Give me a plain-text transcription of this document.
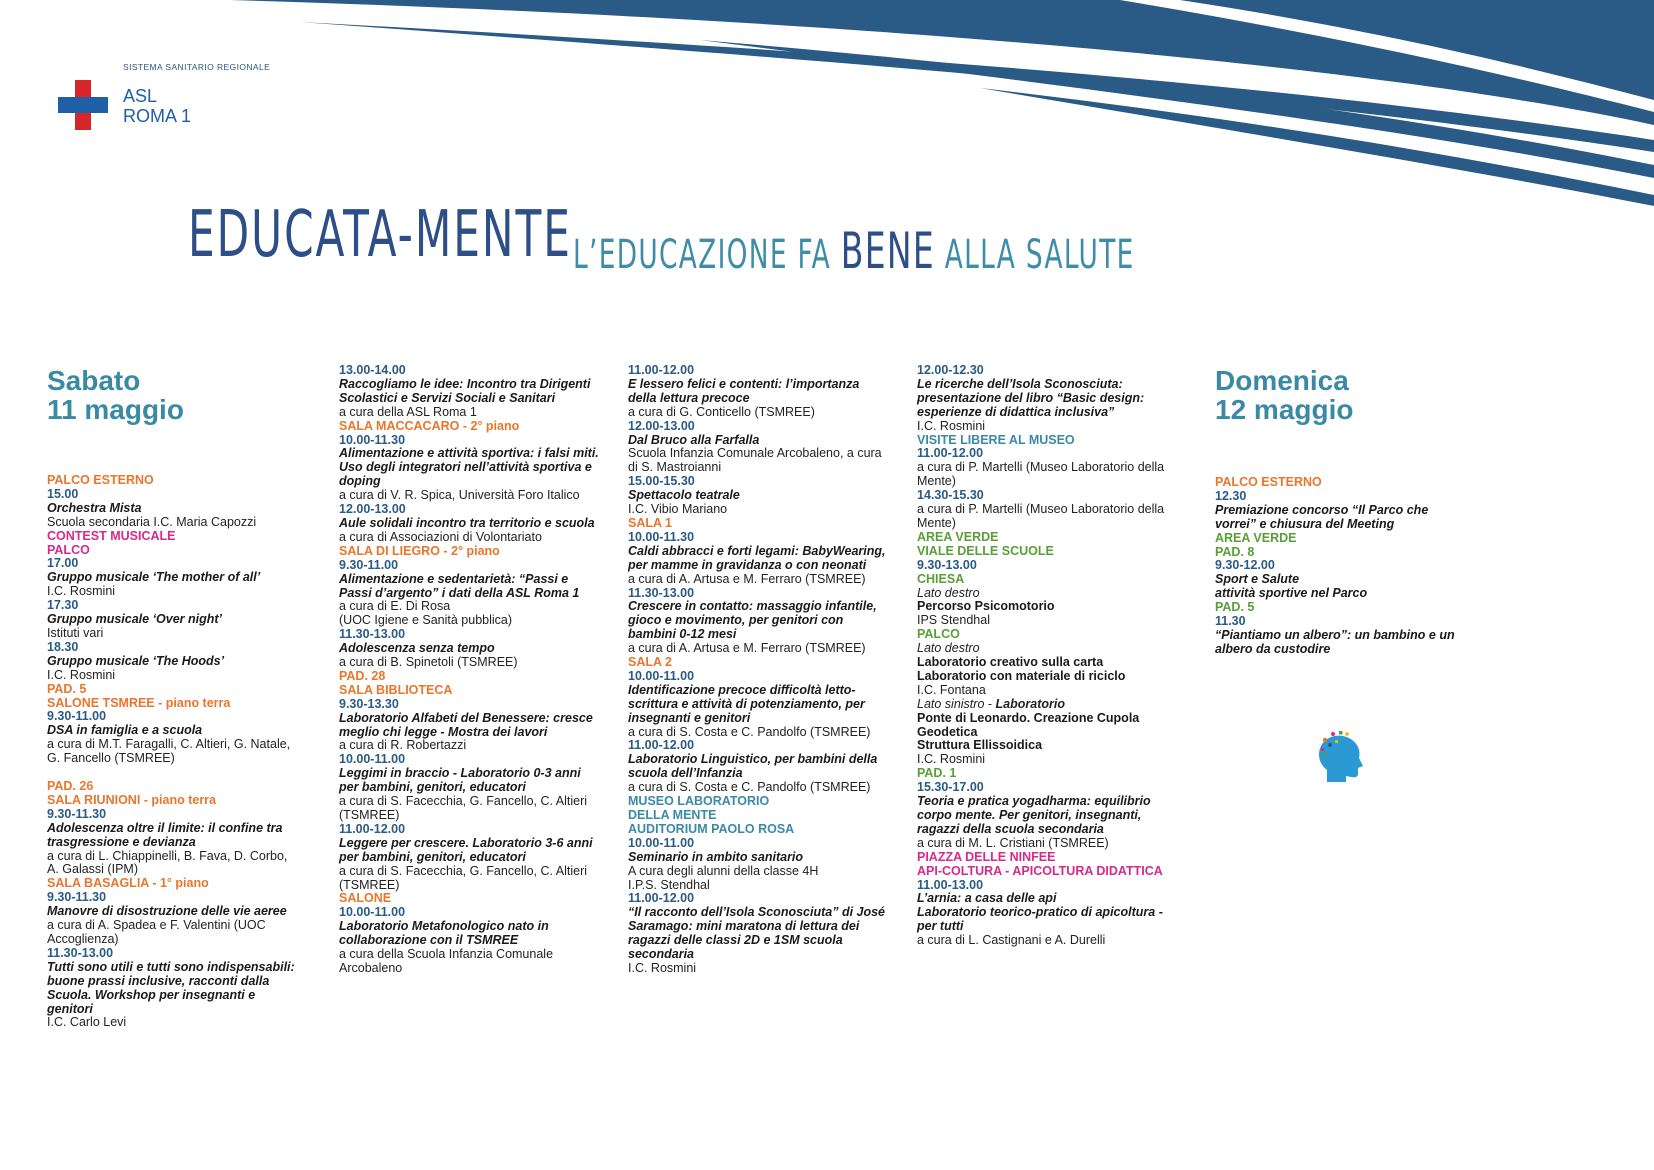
SISTEMA SANITARIO REGIONALE
ASL
ROMA 1
EDUCATA-MENTE L’EDUCAZIONE FA BENE ALLA SALUTE
Sabato
11 maggio
Domenica
12 maggio
PALCO ESTERNO
15.00
Orchestra Mista
Scuola secondaria I.C. Maria Capozzi
CONTEST MUSICALE
PALCO
17.00
Gruppo musicale ‘The mother of all’
I.C. Rosmini
17.30
Gruppo musicale ‘Over night’
Istituti vari
18.30
Gruppo musicale ‘The Hoods’
I.C. Rosmini
PAD. 5
SALONE TSMREE - piano terra
9.30-11.00
DSA in famiglia e a scuola
a cura di M.T. Faragalli, C. Altieri, G. Natale, G. Fancello (TSMREE)
PAD. 26
SALA RIUNIONI - piano terra
9.30-11.30
Adolescenza oltre il limite: il confine tra trasgressione e devianza
a cura di L. Chiappinelli, B. Fava, D. Corbo, A. Galassi (IPM)
SALA BASAGLIA - 1° piano
9.30-11.30
Manovre di disostruzione delle vie aeree
a cura di A. Spadea e F. Valentini (UOC Accoglienza)
11.30-13.00
Tutti sono utili e tutti sono indispensabili: buone prassi inclusive, racconti dalla Scuola. Workshop per insegnanti e genitori
I.C. Carlo Levi
13.00-14.00
Raccogliamo le idee: Incontro tra Dirigenti Scolastici e Servizi Sociali e Sanitari
a cura della ASL Roma 1
SALA MACCACARO - 2° piano
10.00-11.30
Alimentazione e attività sportiva: i falsi miti. Uso degli integratori nell’attività sportiva e doping
a cura di V. R. Spica, Università Foro Italico
12.00-13.00
Aule solidali incontro tra territorio e scuola
a cura di Associazioni di Volontariato
SALA DI LIEGRO - 2° piano
9.30-11.00
Alimentazione e sedentarietà: “Passi e Passi d’argento” i dati della ASL Roma 1
a cura di E. Di Rosa
(UOC Igiene e Sanità pubblica)
11.30-13.00
Adolescenza senza tempo
a cura di B. Spinetoli (TSMREE)
PAD. 28
SALA BIBLIOTECA
9.30-13.30
Laboratorio Alfabeti del Benessere: cresce meglio chi legge - Mostra dei lavori
a cura di R. Robertazzi
10.00-11.00
Leggimi in braccio - Laboratorio 0-3 anni per bambini, genitori, educatori
a cura di S. Facecchia, G. Fancello, C. Altieri (TSMREE)
11.00-12.00
Leggere per crescere. Laboratorio 3-6 anni per bambini, genitori, educatori
a cura di S. Facecchia, G. Fancello, C. Altieri (TSMREE)
SALONE
10.00-11.00
Laboratorio Metafonologico nato in collaborazione con il TSMREE
a cura della Scuola Infanzia Comunale Arcobaleno
11.00-12.00
E lessero felici e contenti: l’importanza della lettura precoce
a cura di G. Conticello (TSMREE)
12.00-13.00
Dal Bruco alla Farfalla
Scuola Infanzia Comunale Arcobaleno, a cura di S. Mastroianni
15.00-15.30
Spettacolo teatrale
I.C. Vibio Mariano
SALA 1
10.00-11.30
Caldi abbracci e forti legami: BabyWearing, per mamme in gravidanza o con neonati
a cura di A. Artusa e M. Ferraro (TSMREE)
11.30-13.00
Crescere in contatto: massaggio infantile, gioco e movimento, per genitori con bambini 0-12 mesi
a cura di A. Artusa e M. Ferraro (TSMREE)
SALA 2
10.00-11.00
Identificazione precoce difficoltà letto-scrittura e attività di potenziamento, per insegnanti e genitori
a cura di S. Costa e C. Pandolfo (TSMREE)
11.00-12.00
Laboratorio Linguistico, per bambini della scuola dell’Infanzia
a cura di S. Costa e C. Pandolfo (TSMREE)
MUSEO LABORATORIO
DELLA MENTE
AUDITORIUM PAOLO ROSA
10.00-11.00
Seminario in ambito sanitario
A cura degli alunni della classe 4H
I.P.S. Stendhal
11.00-12.00
“Il racconto dell’Isola Sconosciuta” di José Saramago: mini maratona di lettura dei ragazzi delle classi 2D e 1SM scuola secondaria
I.C. Rosmini
12.00-12.30
Le ricerche dell’Isola Sconosciuta: presentazione del libro “Basic design: esperienze di didattica inclusiva”
I.C. Rosmini
VISITE LIBERE AL MUSEO
11.00-12.00
a cura di P. Martelli (Museo Laboratorio della Mente)
14.30-15.30
a cura di P. Martelli (Museo Laboratorio della Mente)
AREA VERDE
VIALE DELLE SCUOLE
9.30-13.00
CHIESA
Lato destro
Percorso Psicomotorio
IPS Stendhal
PALCO
Lato destro
Laboratorio creativo sulla carta
Laboratorio con materiale di riciclo
I.C. Fontana
Lato sinistro - Laboratorio
Ponte di Leonardo. Creazione Cupola Geodetica
Struttura Ellissoidica
I.C. Rosmini
PAD. 1
15.30-17.00
Teoria e pratica yogadharma: equilibrio corpo mente. Per genitori, insegnanti, ragazzi della scuola secondaria
a cura di M. L. Cristiani (TSMREE)
PIAZZA DELLE NINFEE
API-COLTURA - APICOLTURA DIDATTICA
11.00-13.00
L’arnia: a casa delle api
Laboratorio teorico-pratico di apicoltura - per tutti
a cura di L. Castignani e A. Durelli
PALCO ESTERNO
12.30
Premiazione concorso “Il Parco che vorrei” e chiusura del Meeting
AREA VERDE
PAD. 8
9.30-12.00
Sport e Salute
attività sportive nel Parco
PAD. 5
11.30
“Piantiamo un albero”: un bambino e un albero da custodire
